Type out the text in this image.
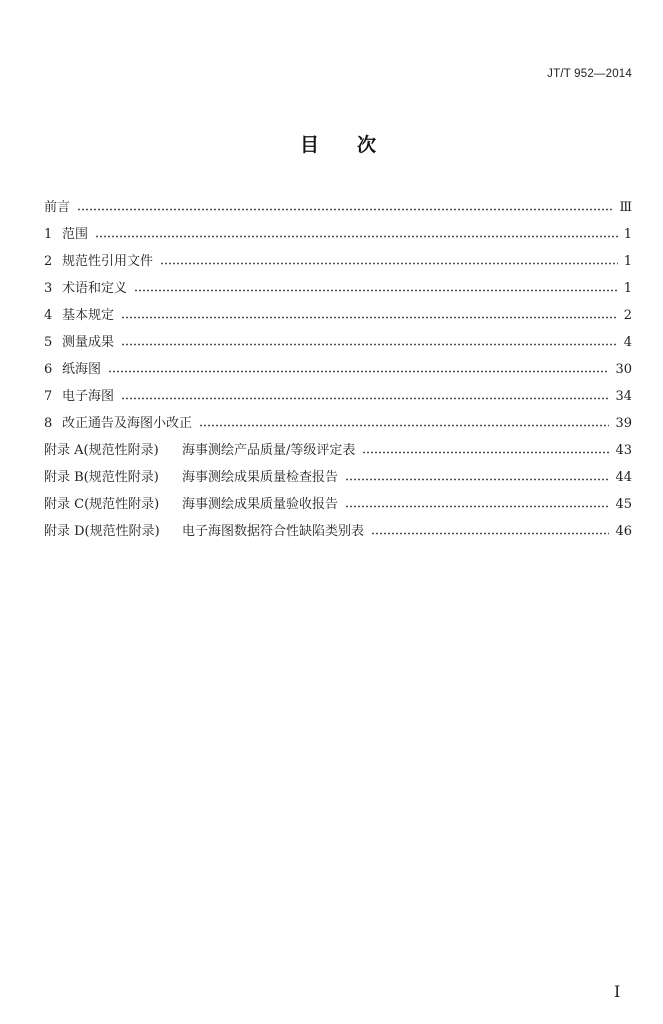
JT/T 952—2014
目　　次
前言	Ⅲ
1 范围	1
2 规范性引用文件	1
3 术语和定义	1
4 基本规定	2
5 测量成果	4
6 纸海图	30
7 电子海图	34
8 改正通告及海图小改正	39
附录 A(规范性附录)	海事测绘产品质量/等级评定表	43
附录 B(规范性附录)	海事测绘成果质量检查报告	44
附录 C(规范性附录)	海事测绘成果质量验收报告	45
附录 D(规范性附录)	电子海图数据符合性缺陷类别表	46
I
